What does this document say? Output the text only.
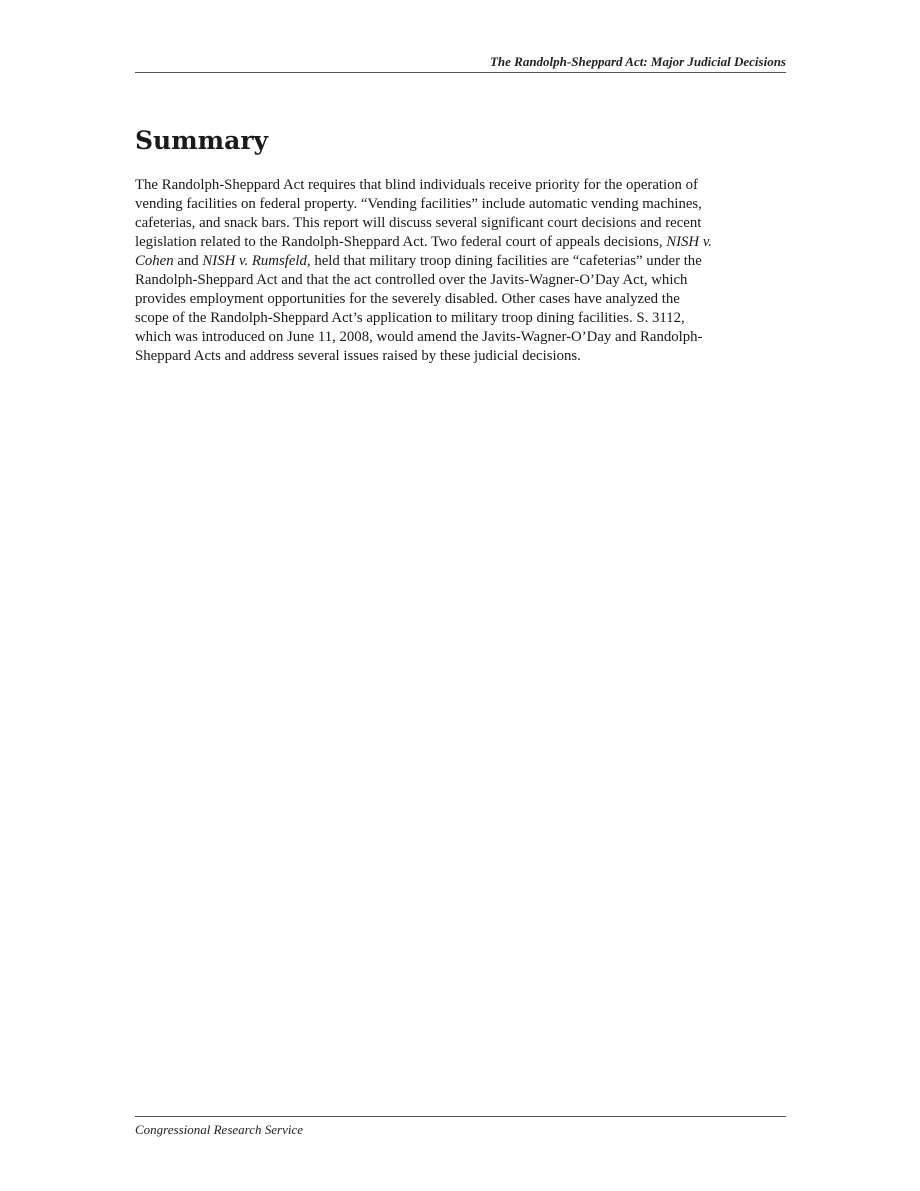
The Randolph-Sheppard Act: Major Judicial Decisions
Summary

The Randolph-Sheppard Act requires that blind individuals receive priority for the operation of
vending facilities on federal property. “Vending facilities” include automatic vending machines,
cafeterias, and snack bars. This report will discuss several significant court decisions and recent
legislation related to the Randolph-Sheppard Act. Two federal court of appeals decisions, NISH v.
Cohen and NISH v. Rumsfeld, held that military troop dining facilities are “cafeterias” under the
Randolph-Sheppard Act and that the act controlled over the Javits-Wagner-O’Day Act, which
provides employment opportunities for the severely disabled. Other cases have analyzed the
scope of the Randolph-Sheppard Act’s application to military troop dining facilities. S. 3112,
which was introduced on June 11, 2008, would amend the Javits-Wagner-O’Day and Randolph-
Sheppard Acts and address several issues raised by these judicial decisions.

Congressional Research Service
